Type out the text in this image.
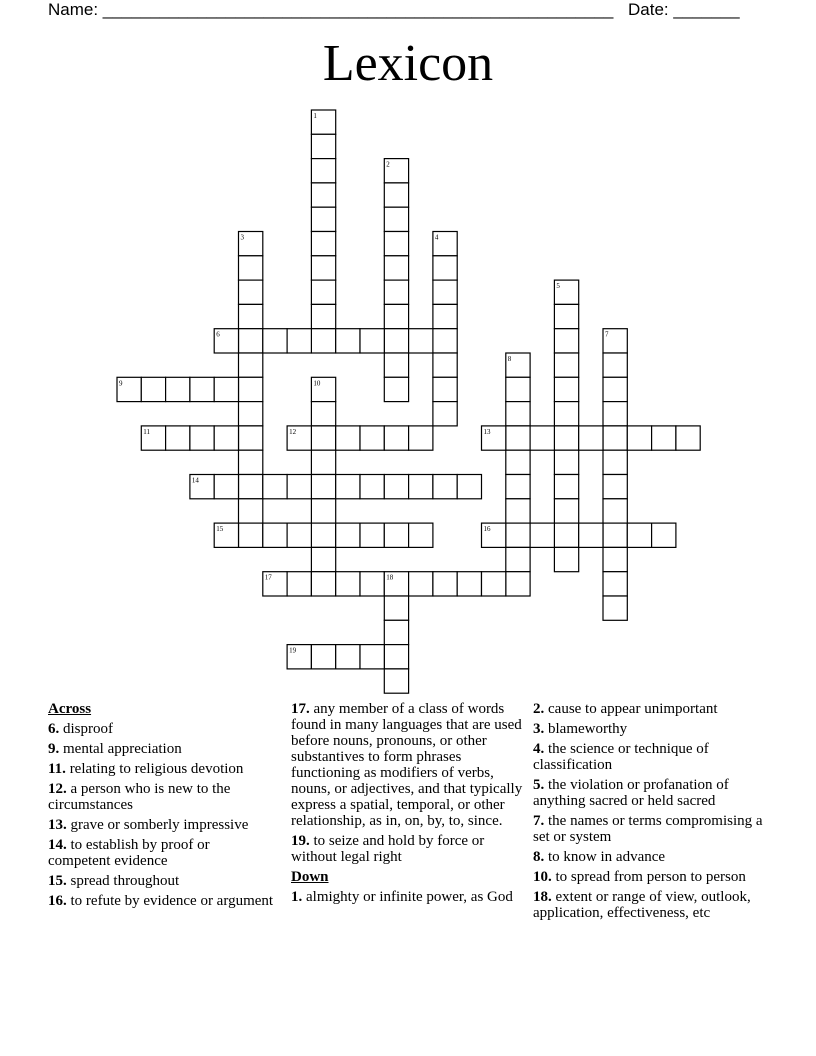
Name: ______________________________________________________ Date: _______
Lexicon
1
2
3	4
5
6	7
8
9	10
11	12	13
14
15	16
17	18
19
Across
6. disproof
9. mental appreciation
11. relating to religious devotion
12. a person who is new to the circumstances
13. grave or somberly impressive
14. to establish by proof or competent evidence
15. spread throughout
16. to refute by evidence or argument
17. any member of a class of words found in many languages that are used before nouns, pronouns, or other substantives to form phrases functioning as modifiers of verbs, nouns, or adjectives, and that typically express a spatial, temporal, or other relationship, as in, on, by, to, since.
19. to seize and hold by force or without legal right
Down
1. almighty or infinite power, as God
2. cause to appear unimportant
3. blameworthy
4. the science or technique of classification
5. the violation or profanation of anything sacred or held sacred
7. the names or terms compromising a set or system
8. to know in advance
10. to spread from person to person
18. extent or range of view, outlook, application, effectiveness, etc
